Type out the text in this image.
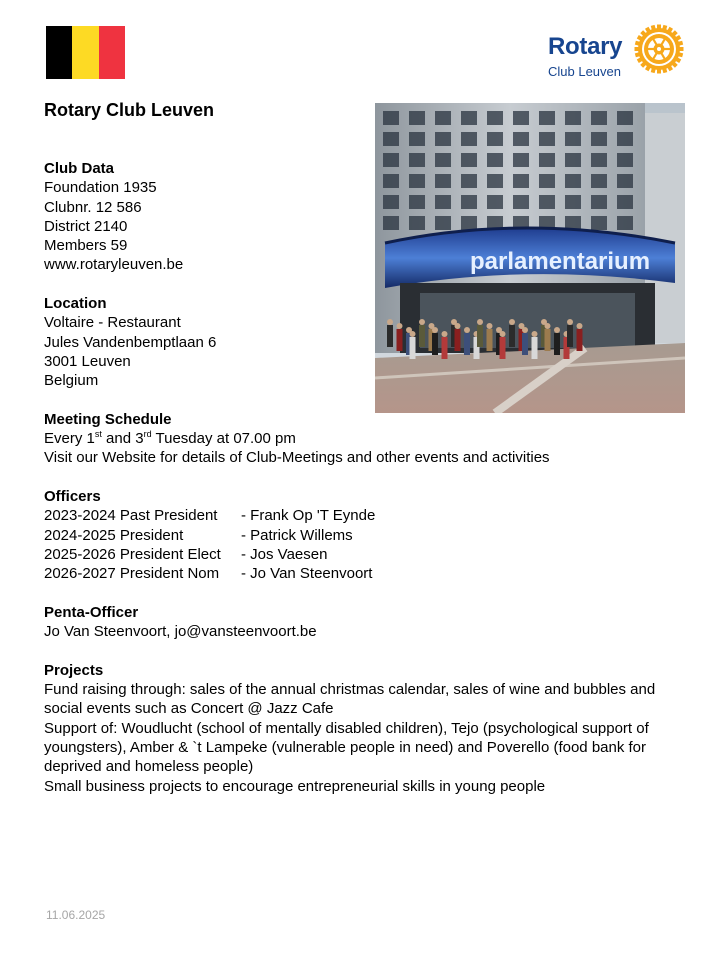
Rotary
Club Leuven
Rotary Club Leuven
Club Data
Foundation 1935
Clubnr. 12 586
District 2140
Members 59
www.rotaryleuven.be
Location
Voltaire - Restaurant
Jules Vandenbemptlaan 6
3001 Leuven
Belgium
Meeting Schedule
Every 1st and 3rd Tuesday at 07.00 pm
Visit our Website for details of Club-Meetings and other events and activities
Officers
2023-2024 Past President	- Frank Op 'T Eynde
2024-2025 President	- Patrick Willems
2025-2026 President Elect	- Jos Vaesen
2026-2027 President Nom	- Jo Van Steenvoort
Penta-Officer
Jo Van Steenvoort, jo@vansteenvoort.be
Projects
Fund raising through: sales of the annual christmas calendar, sales of wine and bubbles and social events such as Concert @ Jazz Cafe
Support of: Woudlucht (school of mentally disabled children), Tejo (psychological support of youngsters), Amber & `t Lampeke (vulnerable people in need) and Poverello (food bank for deprived and homeless people)
Small business projects to encourage entrepreneurial skills in young people
parlamentarium
11.06.2025
